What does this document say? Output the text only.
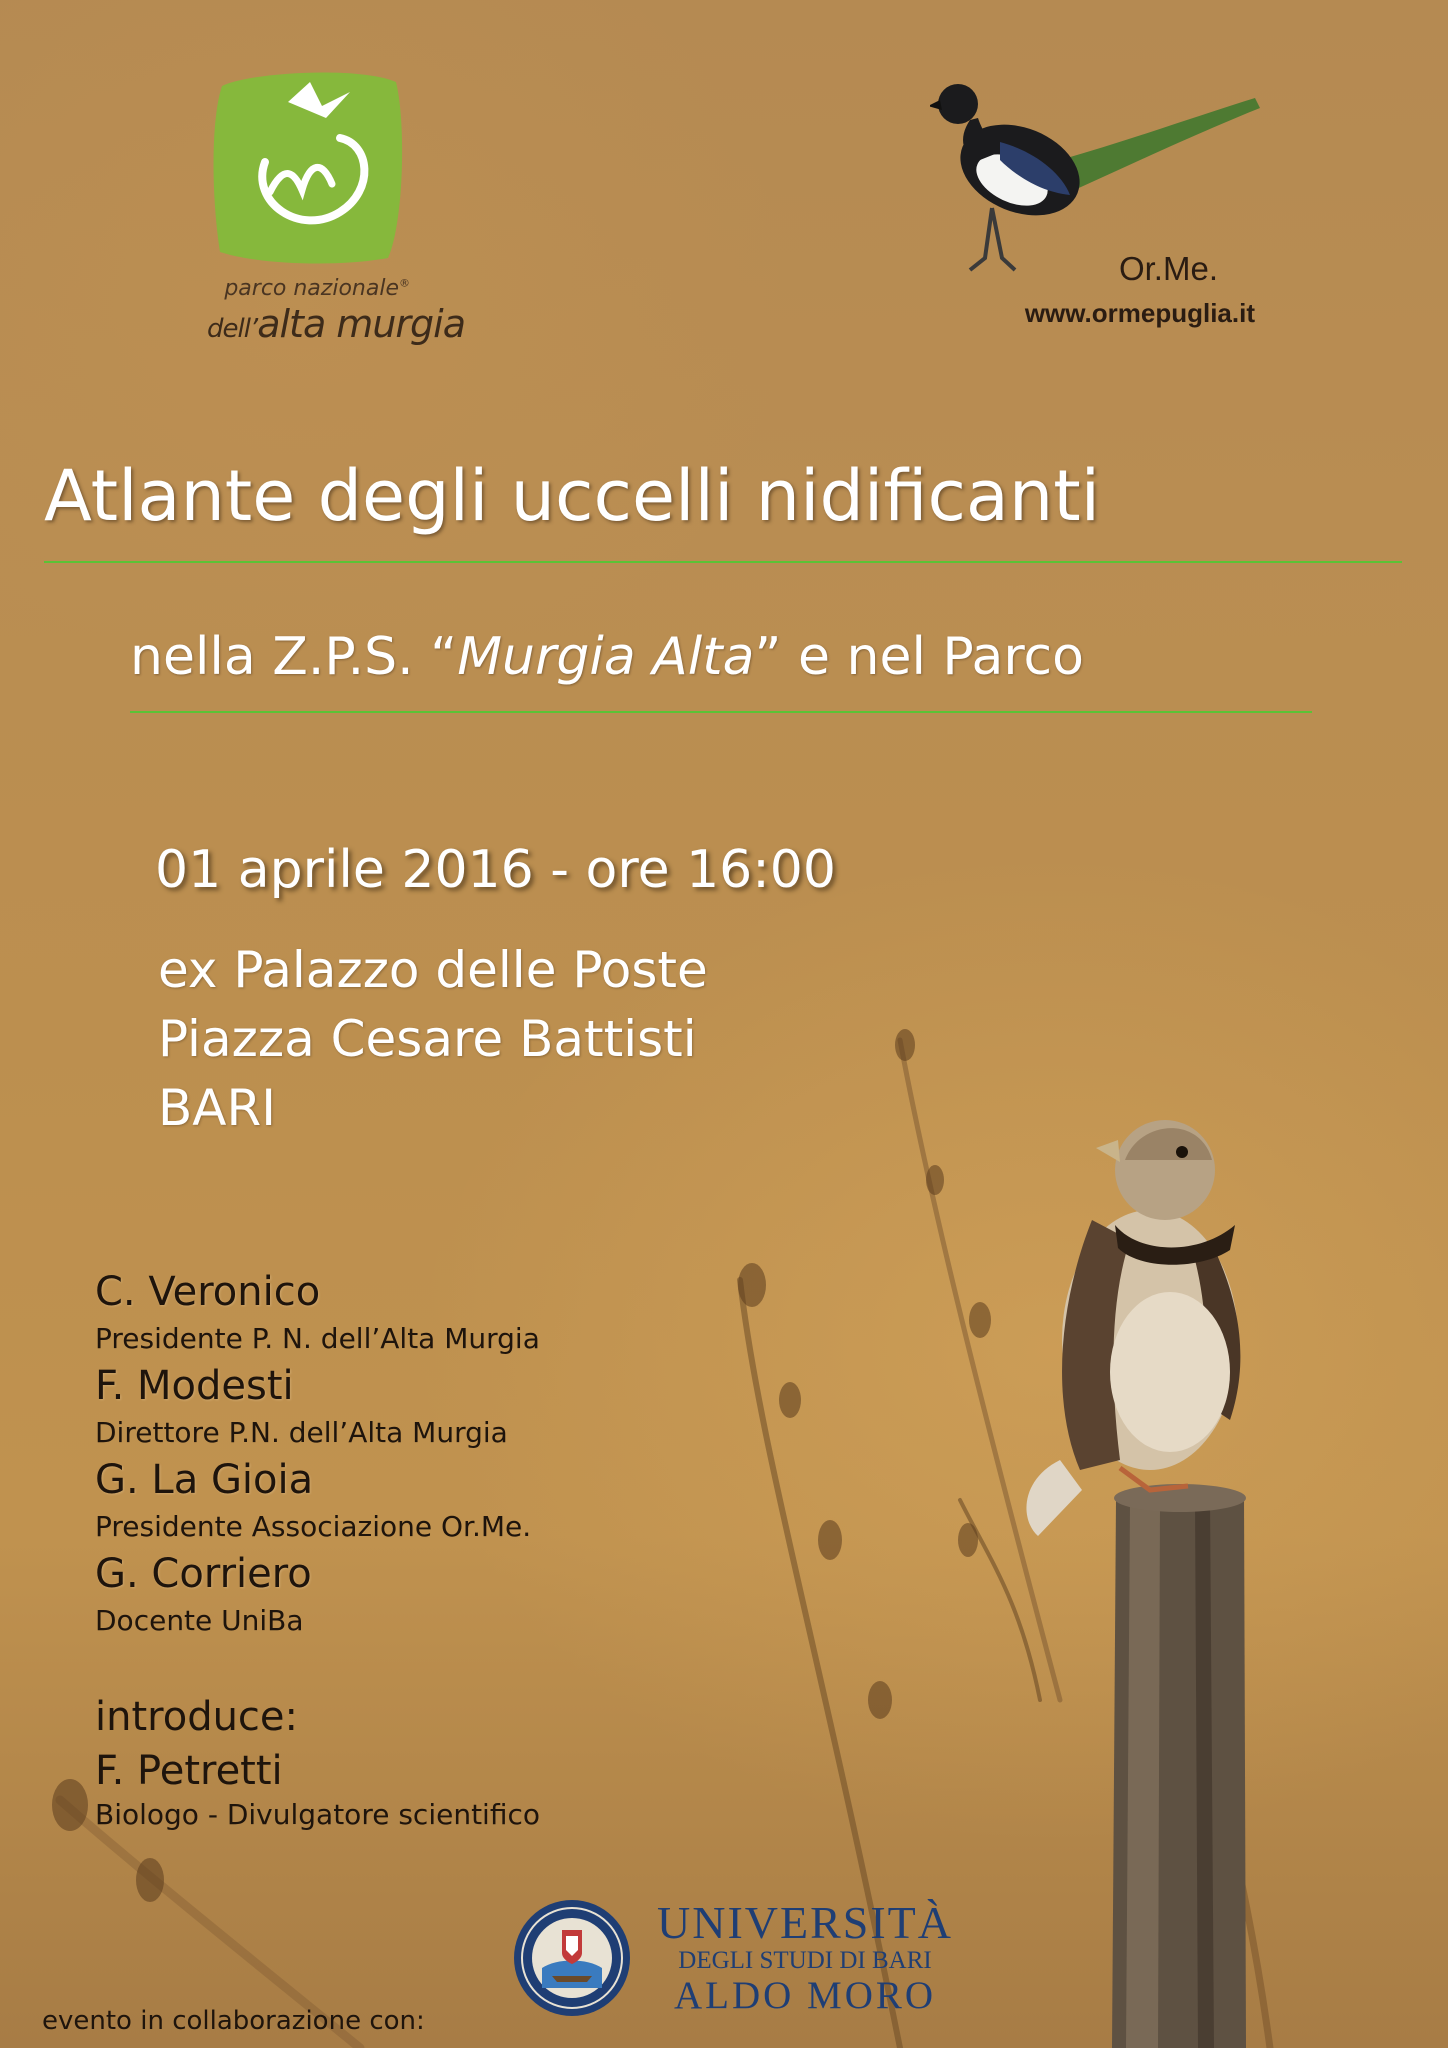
parco nazionale®
dell’alta murgia
Or.Me.
www.ormepuglia.it
Atlante degli uccelli nidificanti
nella Z.P.S. “Murgia Alta” e nel Parco
01 aprile 2016 - ore 16:00
ex Palazzo delle Poste
Piazza Cesare Battisti
BARI
C. Veronico
Presidente P. N. dell’Alta Murgia
F. Modesti
Direttore P.N. dell’Alta Murgia
G. La Gioia
Presidente Associazione Or.Me.
G. Corriero
Docente UniBa
introduce:
F. Petretti
Biologo - Divulgatore scientifico
evento in collaborazione con:
UNIVERSITÀ
DEGLI STUDI DI BARI
ALDO MORO
